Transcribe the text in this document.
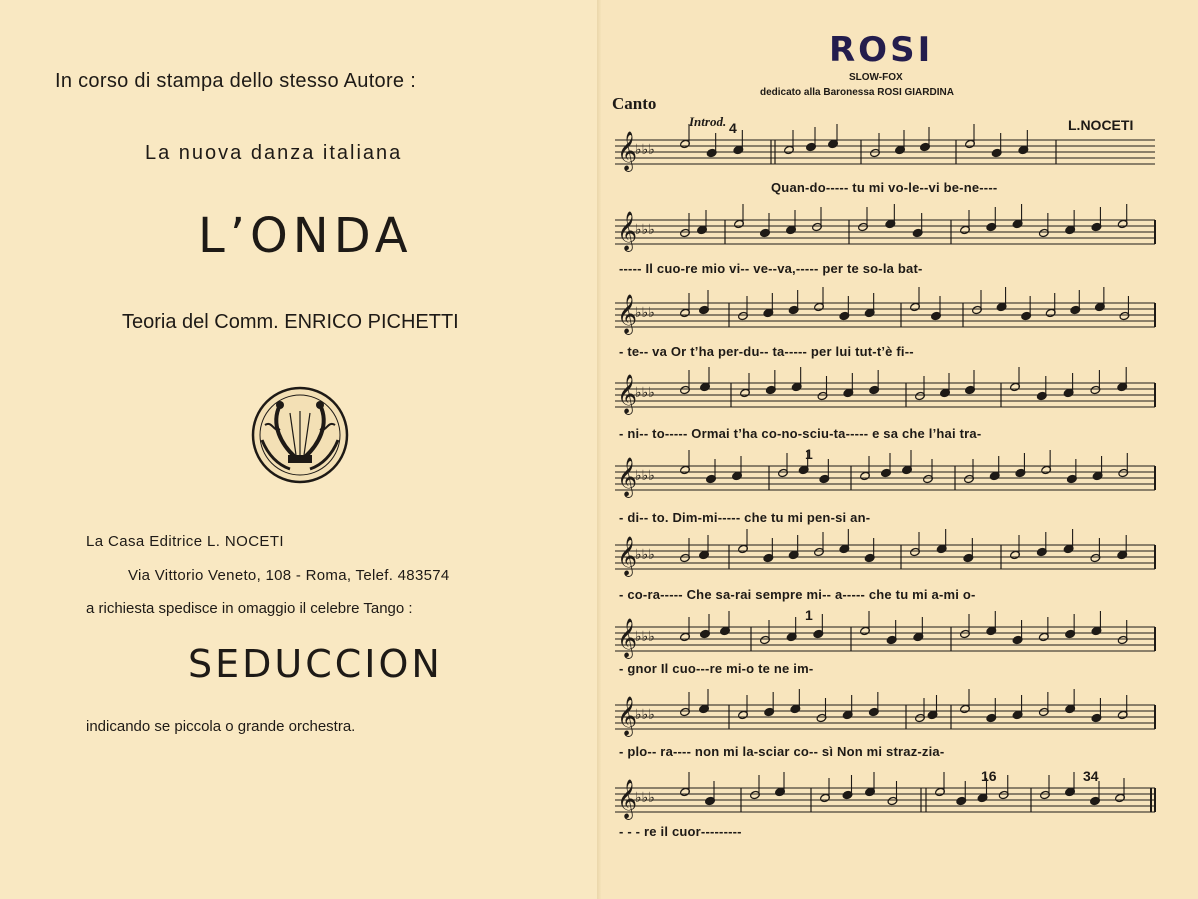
In corso di stampa dello stesso Autore :
La nuova danza italiana
L’ONDA
Teoria del Comm. ENRICO PICHETTI
La Casa Editrice L. NOCETI
Via Vittorio Veneto, 108 - Roma, Telef. 483574
a richiesta spedisce in omaggio il celebre Tango :
SEDUCCION
indicando se piccola o grande orchestra.
ROSI
SLOW-FOX
dedicato alla Baronessa ROSI GIARDINA
Canto
Introd.	L.NOCETI
𝄞
♭♭♭
𝄞
♭♭♭
𝄞
♭♭♭
𝄞
♭♭♭
𝄞
♭♭♭
𝄞
♭♭♭
𝄞
♭♭♭
𝄞
♭♭♭
𝄞
♭♭♭
Quan-do----- tu mi vo-le--vi be-ne----
4
----- Il cuo-re mio vi-- ve--va,----- per te so-la bat-
- te-- va Or t’ha per-du-- ta----- per lui tut-t’è fi--
- ni-- to----- Ormai t’ha co-no-sciu-ta----- e sa che l’hai tra-
- di-- to. Dim-mi----- che tu mi pen-si an-
1
- co-ra----- Che sa-rai sempre mi-- a----- che tu mi a-mi o-
- gnor Il cuo---re mi-o te ne im-
1
- plo-- ra---- non mi la-sciar co-- sì Non mi straz-zia-
- - - re il cuor---------
16	34
